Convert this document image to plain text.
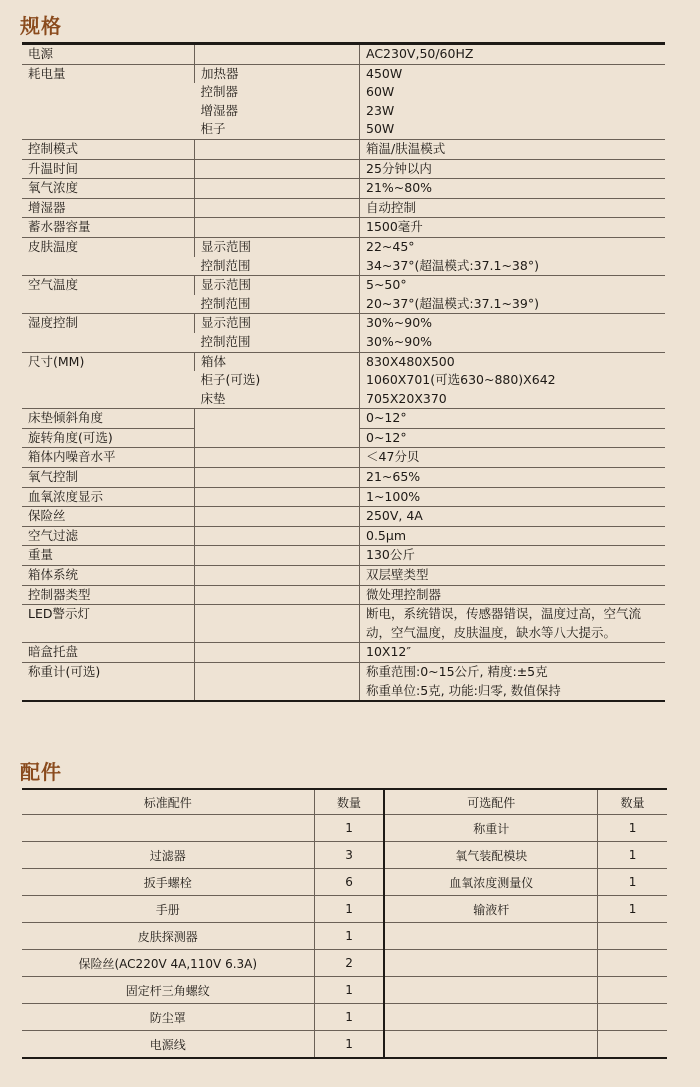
规格
电源		AC230V,50/60HZ
耗电量	加热器	450W
	控制器	60W
	增湿器	23W
	柜子	50W
控制模式		箱温/肤温模式
升温时间		25分钟以内
氧气浓度		21%~80%
增湿器		自动控制
蓄水器容量		1500毫升
皮肤温度	显示范围	22~45°
	控制范围	34~37°(超温模式:37.1~38°)
空气温度	显示范围	5~50°
	控制范围	20~37°(超温模式:37.1~39°)
湿度控制	显示范围	30%~90%
	控制范围	30%~90%
尺寸(MM)	箱体	830X480X500
	柜子(可选)	1060X701(可选630~880)X642
	床垫	705X20X370
床垫倾斜角度		0~12°
旋转角度(可选)		0~12°
箱体内噪音水平		＜47分贝
氧气控制		21~65%
血氧浓度显示		1~100%
保险丝		250V, 4A
空气过滤		0.5μm
重量		130公斤
箱体系统		双层壁类型
控制器类型		微处理控制器
LED警示灯		断电，系统错误，传感器错误，温度过高，空气流
动，空气温度，皮肤温度，缺水等八大提示。

暗盒托盘		10X12″
称重计(可选)		称重范围:0~15公斤, 精度:±5克
称重单位:5克, 功能:归零, 数值保持
配件
标准配件	数量	可选配件	数量
	1	称重计	1
过滤器	3	氧气装配模块	1
扳手螺栓	6	血氧浓度测量仪	1
手册	1	输液杆	1
皮肤探测器	1		
保险丝(AC220V 4A,110V 6.3A)	2		
固定杆三角螺纹	1		
防尘罩	1		
电源线	1		
